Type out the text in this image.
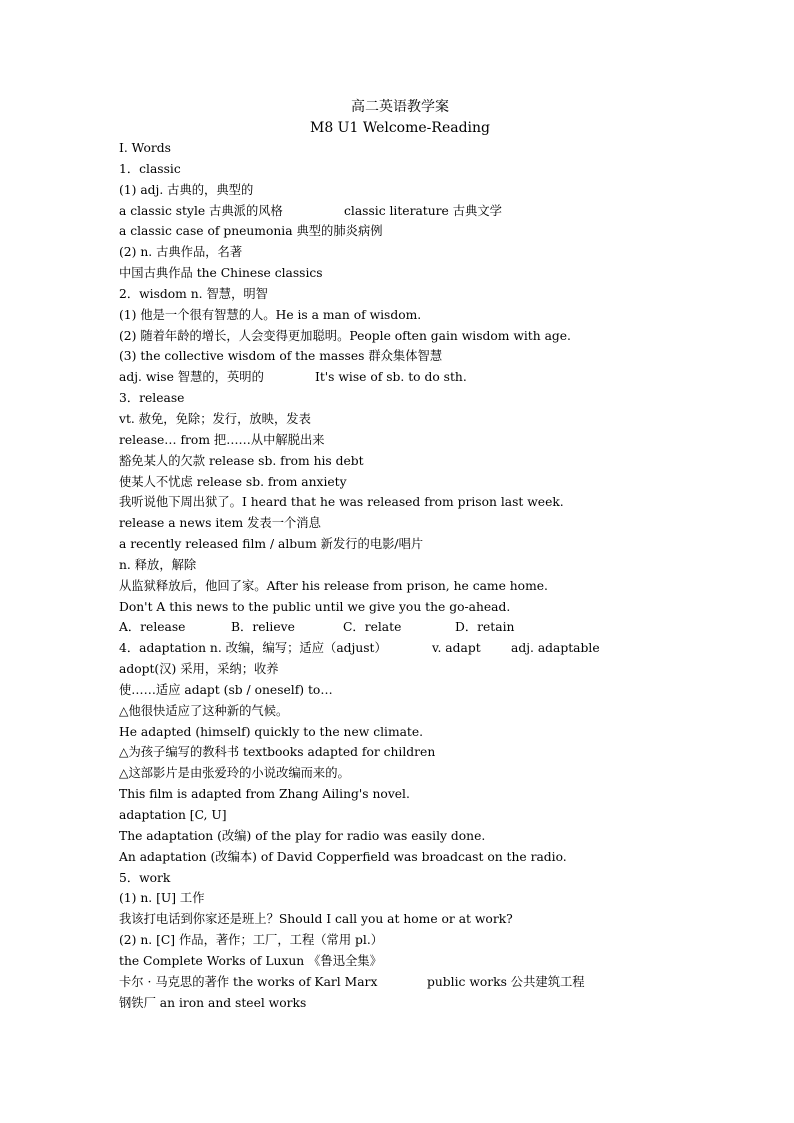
高二英语教学案
M8 U1 Welcome-Reading
Ⅰ. Words
1．classic
(1) adj. 古典的，典型的
a classic style 古典派的风格	classic literature 古典文学
a classic case of pneumonia 典型的肺炎病例
(2) n. 古典作品，名著
中国古典作品 the Chinese classics
2．wisdom n. 智慧，明智
(1) 他是一个很有智慧的人。He is a man of wisdom.
(2) 随着年龄的增长，人会变得更加聪明。People often gain wisdom with age.
(3) the collective wisdom of the masses 群众集体智慧
adj. wise 智慧的，英明的	It's wise of sb. to do sth.
3．release
vt. 赦免，免除；发行，放映，发表
release… from 把……从中解脱出来
豁免某人的欠款 release sb. from his debt
使某人不忧虑 release sb. from anxiety
我听说他下周出狱了。I heard that he was released from prison last week.
release a news item 发表一个消息
a recently released film / album 新发行的电影/唱片
n. 释放，解除
从监狱释放后，他回了家。After his release from prison, he came home.
Don't A this news to the public until we give you the go-ahead.
A．release	B．relieve	C．relate	D．retain
4．adaptation n. 改编，编写；适应（adjust）	v. adapt adj. adaptable
adopt(汉) 采用，采纳；收养
使……适应 adapt (sb / oneself) to…
△他很快适应了这种新的气候。
He adapted (himself) quickly to the new climate.
△为孩子编写的教科书 textbooks adapted for children
△这部影片是由张爱玲的小说改编而来的。
This film is adapted from Zhang Ailing's novel.
adaptation [C, U]
The adaptation (改编) of the play for radio was easily done.
An adaptation (改编本) of David Copperfield was broadcast on the radio.
5．work
(1) n. [U] 工作
我该打电话到你家还是班上？Should I call you at home or at work?
(2) n. [C] 作品，著作；工厂，工程（常用 pl.）
the Complete Works of Luxun 《鲁迅全集》
卡尔 · 马克思的著作 the works of Karl Marx	public works 公共建筑工程
钢铁厂 an iron and steel works
